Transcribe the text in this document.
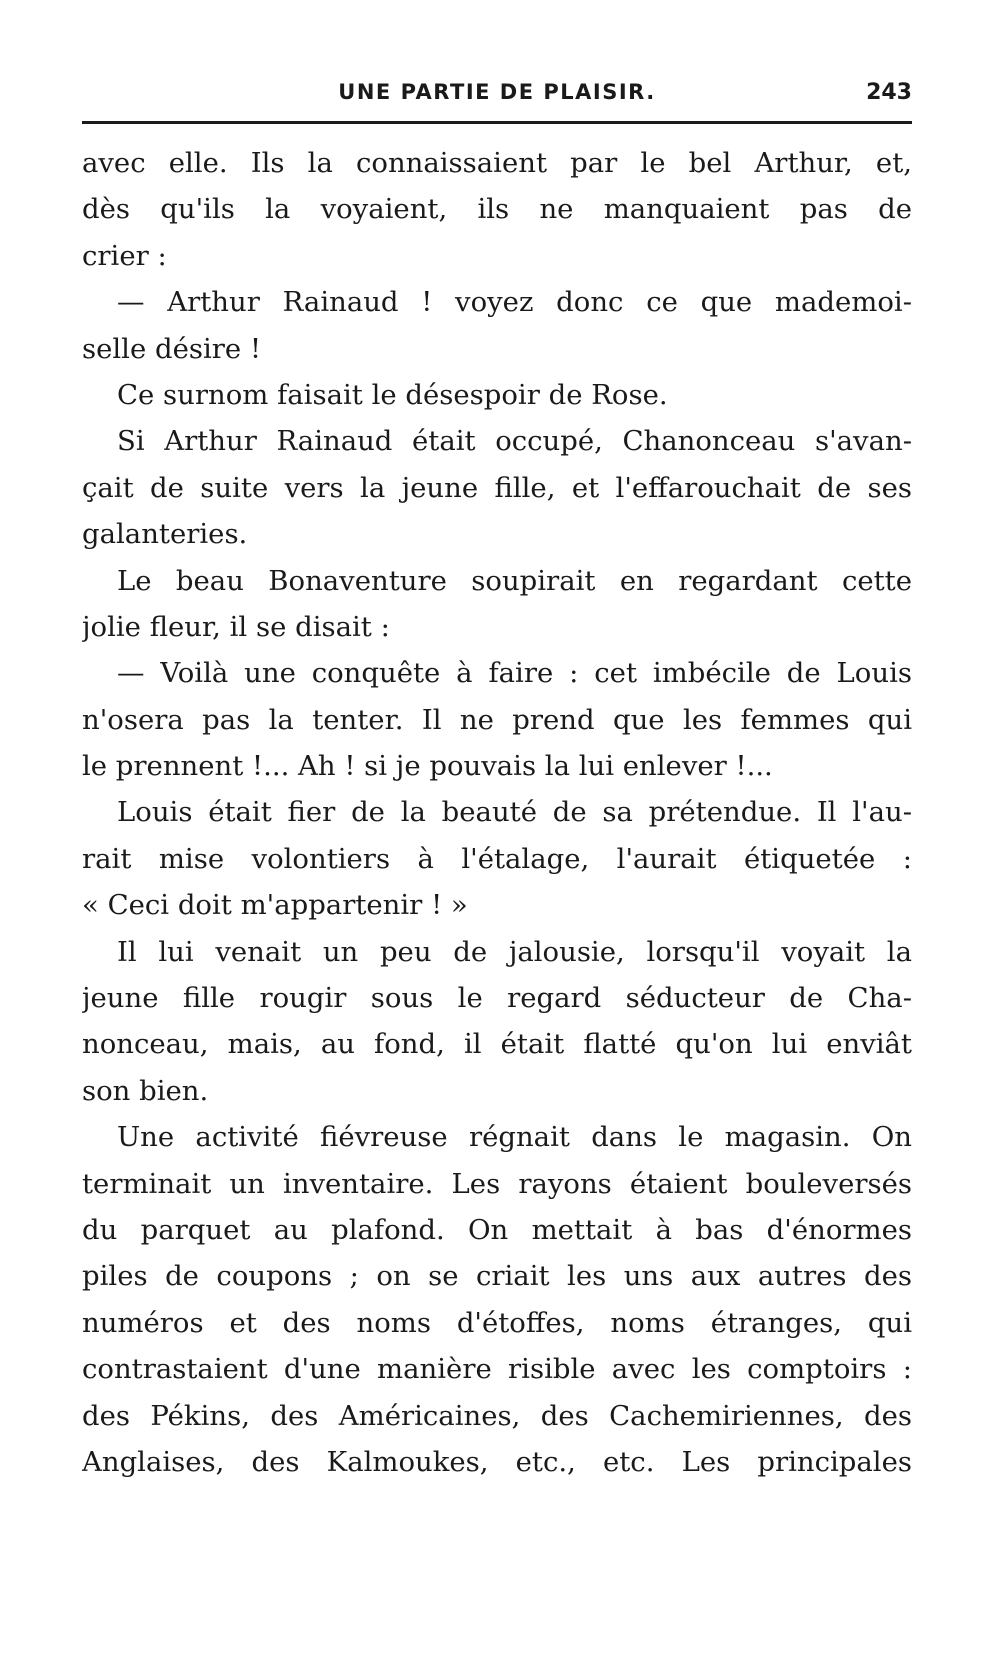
UNE PARTIE DE PLAISIR.	243
avec elle. Ils la connaissaient par le bel Arthur, et,
dès qu'ils la voyaient, ils ne manquaient pas de
crier :
— Arthur Rainaud ! voyez donc ce que mademoi-
selle désire !
Ce surnom faisait le désespoir de Rose.
Si Arthur Rainaud était occupé, Chanonceau s'avan-
çait de suite vers la jeune fille, et l'effarouchait de ses
galanteries.
Le beau Bonaventure soupirait en regardant cette
jolie fleur, il se disait :
— Voilà une conquête à faire : cet imbécile de Louis
n'osera pas la tenter. Il ne prend que les femmes qui
le prennent !... Ah ! si je pouvais la lui enlever !...
Louis était fier de la beauté de sa prétendue. Il l'au-
rait mise volontiers à l'étalage, l'aurait étiquetée :
« Ceci doit m'appartenir ! »
Il lui venait un peu de jalousie, lorsqu'il voyait la
jeune fille rougir sous le regard séducteur de Cha-
nonceau, mais, au fond, il était flatté qu'on lui enviât
son bien.
Une activité fiévreuse régnait dans le magasin. On
terminait un inventaire. Les rayons étaient bouleversés
du parquet au plafond. On mettait à bas d'énormes
piles de coupons ; on se criait les uns aux autres des
numéros et des noms d'étoffes, noms étranges, qui
contrastaient d'une manière risible avec les comptoirs :
des Pékins, des Américaines, des Cachemiriennes, des
Anglaises, des Kalmoukes, etc., etc. Les principales
